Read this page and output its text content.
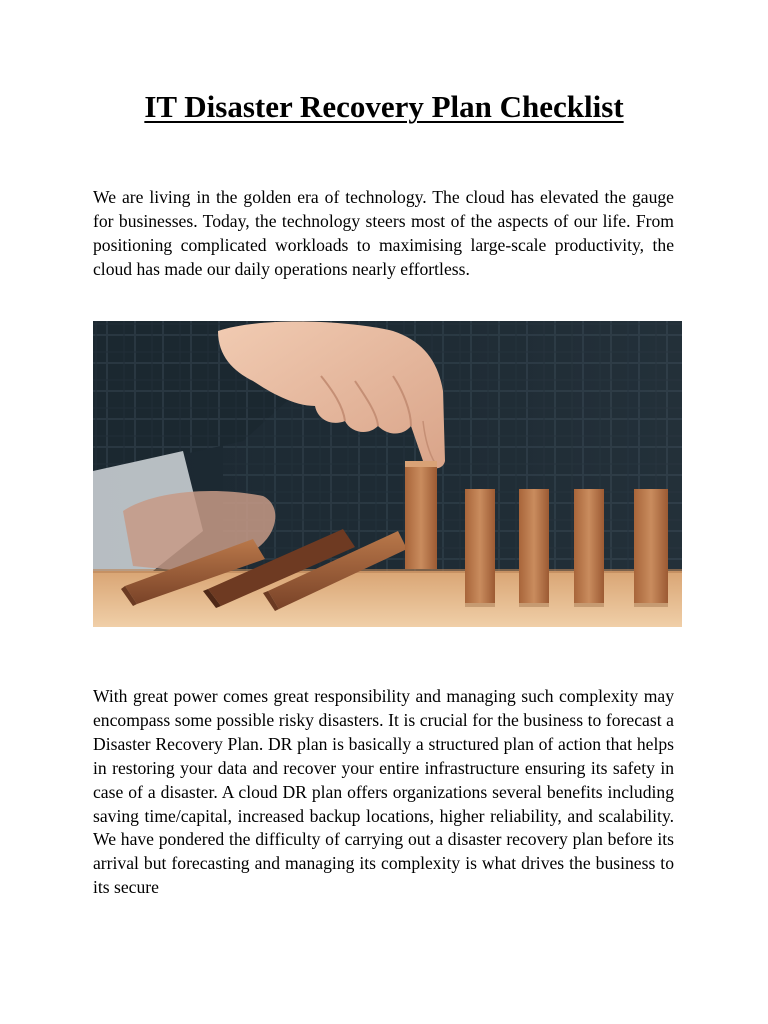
IT Disaster Recovery Plan Checklist

We are living in the golden era of technology. The cloud has elevated the gauge for businesses. Today, the technology steers most of the aspects of our life. From positioning complicated workloads to maximising large-scale productivity, the cloud has made our daily operations nearly effortless.

With great power comes great responsibility and managing such complexity may encompass some possible risky disasters. It is crucial for the business to forecast a Disaster Recovery Plan. DR plan is basically a structured plan of action that helps in restoring your data and recover your entire infrastructure ensuring its safety in case of a disaster. A cloud DR plan offers organizations several benefits including saving time/capital, increased backup locations, higher reliability, and scalability. We have pondered the difficulty of carrying out a disaster recovery plan before its arrival but forecasting and managing its complexity is what drives the business to its secure
